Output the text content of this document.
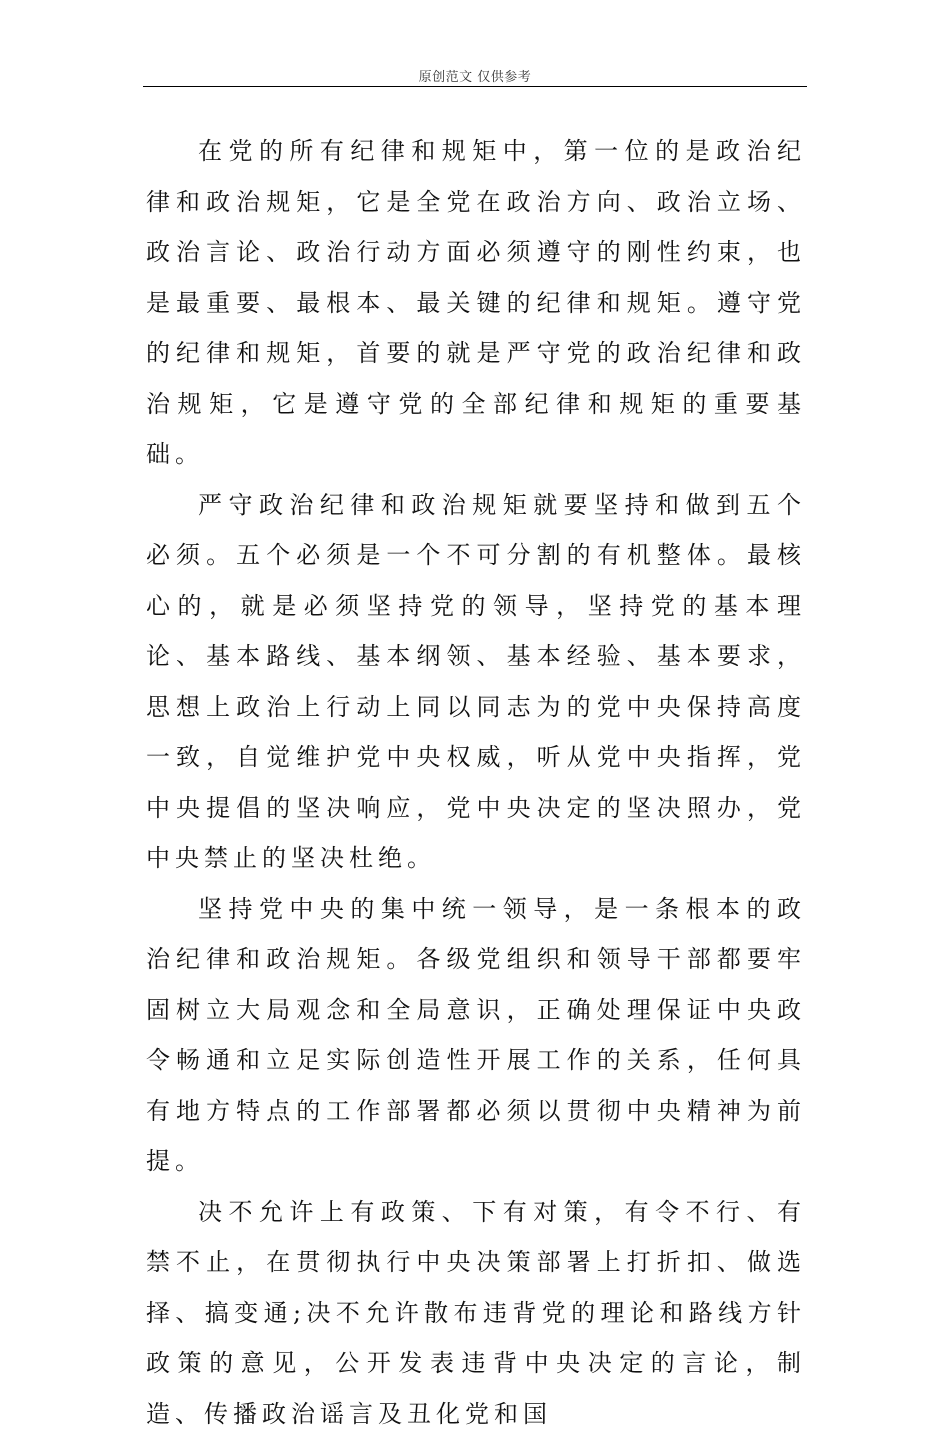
原创范文 仅供参考

在党的所有纪律和规矩中，第一位的是政治纪律和政治规矩，它是全党在政治方向、政治立场、政治言论、政治行动方面必须遵守的刚性约束，也是最重要、最根本、最关键的纪律和规矩。遵守党的纪律和规矩，首要的就是严守党的政治纪律和政治规矩，它是遵守党的全部纪律和规矩的重要基础。

严守政治纪律和政治规矩就要坚持和做到五个必须。五个必须是一个不可分割的有机整体。最核心的，就是必须坚持党的领导，坚持党的基本理论、基本路线、基本纲领、基本经验、基本要求，思想上政治上行动上同以同志为的党中央保持高度一致，自觉维护党中央权威，听从党中央指挥，党中央提倡的坚决响应，党中央决定的坚决照办，党中央禁止的坚决杜绝。

坚持党中央的集中统一领导，是一条根本的政治纪律和政治规矩。各级党组织和领导干部都要牢固树立大局观念和全局意识，正确处理保证中央政令畅通和立足实际创造性开展工作的关系，任何具有地方特点的工作部署都必须以贯彻中央精神为前提。

决不允许上有政策、下有对策，有令不行、有禁不止，在贯彻执行中央决策部署上打折扣、做选择、搞变通;决不允许散布违背党的理论和路线方针政策的意见，公开发表违背中央决定的言论，制造、传播政治谣言及丑化党和国
